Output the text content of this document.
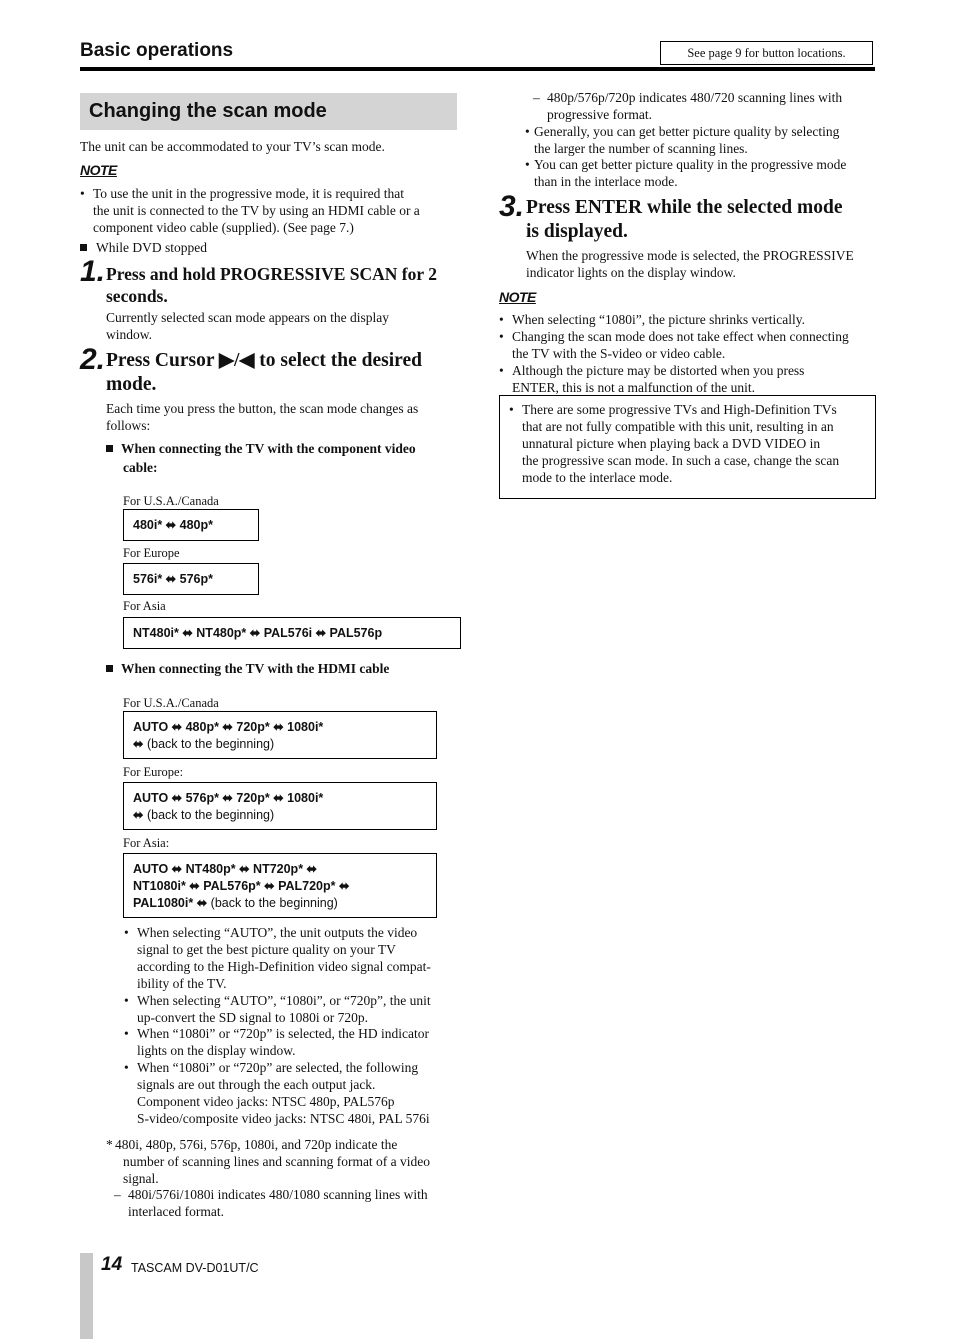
Basic operations	See page 9 for button locations.
Changing the scan mode
The unit can be accommodated to your TV’s scan mode.
NOTE
• To use the unit in the progressive mode, it is required that
the unit is connected to the TV by using an HDMI cable or a
component video cable (supplied). (See page 7.)
While DVD stopped
1. Press and hold PROGRESSIVE SCAN for 2
seconds.
Currently selected scan mode appears on the display
window.
2. Press Cursor ▶/◀ to select the desired
mode.
Each time you press the button, the scan mode changes as
follows:
When connecting the TV with the component video
cable:
For U.S.A./Canada
480i* ⬌ 480p*
For Europe
576i* ⬌ 576p*
For Asia
NT480i* ⬌ NT480p* ⬌ PAL576i ⬌ PAL576p
When connecting the TV with the HDMI cable
For U.S.A./Canada
AUTO ⬌ 480p* ⬌ 720p* ⬌ 1080i*
⬌ (back to the beginning)
For Europe:
AUTO ⬌ 576p* ⬌ 720p* ⬌ 1080i*
⬌ (back to the beginning)
For Asia:
AUTO ⬌ NT480p* ⬌ NT720p* ⬌
NT1080i* ⬌ PAL576p* ⬌ PAL720p* ⬌
PAL1080i* ⬌ (back to the beginning)
• When selecting “AUTO”, the unit outputs the video
signal to get the best picture quality on your TV
according to the High-Definition video signal compat-
ibility of the TV.
• When selecting “AUTO”, “1080i”, or “720p”, the unit
up-convert the SD signal to 1080i or 720p.
• When “1080i” or “720p” is selected, the HD indicator
lights on the display window.
• When “1080i” or “720p” are selected, the following
signals are out through the each output jack.
Component video jacks: NTSC 480p, PAL576p
S-video/composite video jacks: NTSC 480i, PAL 576i
* 480i, 480p, 576i, 576p, 1080i, and 720p indicate the
number of scanning lines and scanning format of a video
signal.
– 480i/576i/1080i indicates 480/1080 scanning lines with
interlaced format.
– 480p/576p/720p indicates 480/720 scanning lines with
progressive format.
• Generally, you can get better picture quality by selecting
the larger the number of scanning lines.
• You can get better picture quality in the progressive mode
than in the interlace mode.
3. Press ENTER while the selected mode
is displayed.
When the progressive mode is selected, the PROGRESSIVE
indicator lights on the display window.
NOTE
• When selecting “1080i”, the picture shrinks vertically.
• Changing the scan mode does not take effect when connecting
the TV with the S-video or video cable.
• Although the picture may be distorted when you press
ENTER, this is not a malfunction of the unit.
• There are some progressive TVs and High-Definition TVs
that are not fully compatible with this unit, resulting in an
unnatural picture when playing back a DVD VIDEO in
the progressive scan mode. In such a case, change the scan
mode to the interlace mode.
14 TASCAM DV-D01UT/C
